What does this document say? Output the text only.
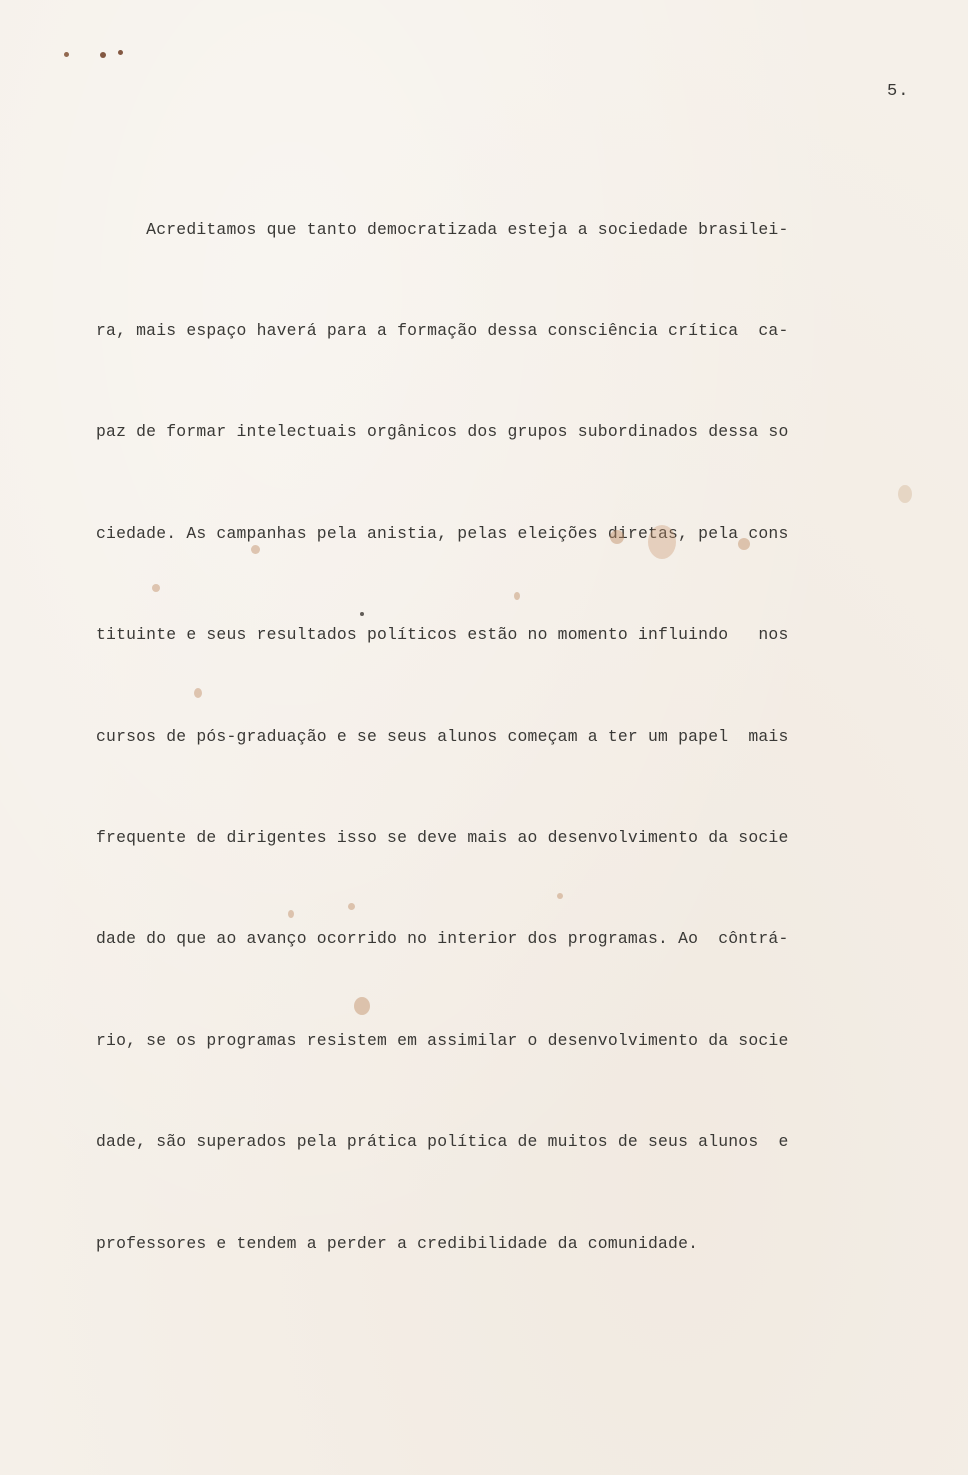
5.

Acreditamos que tanto democratizada esteja a sociedade brasilei-

ra, mais espaço haverá para a formação dessa consciência crítica  ca-

paz de formar intelectuais orgânicos dos grupos subordinados dessa so

ciedade. As campanhas pela anistia, pelas eleições diretas, pela cons

tituinte e seus resultados políticos estão no momento influindo   nos

cursos de pós-graduação e se seus alunos começam a ter um papel  mais

frequente de dirigentes isso se deve mais ao desenvolvimento da socie

dade do que ao avanço ocorrido no interior dos programas. Ao  côntrá-

rio, se os programas resistem em assimilar o desenvolvimento da socie

dade, são superados pela prática política de muitos de seus alunos  e

professores e tendem a perder a credibilidade da comunidade.
